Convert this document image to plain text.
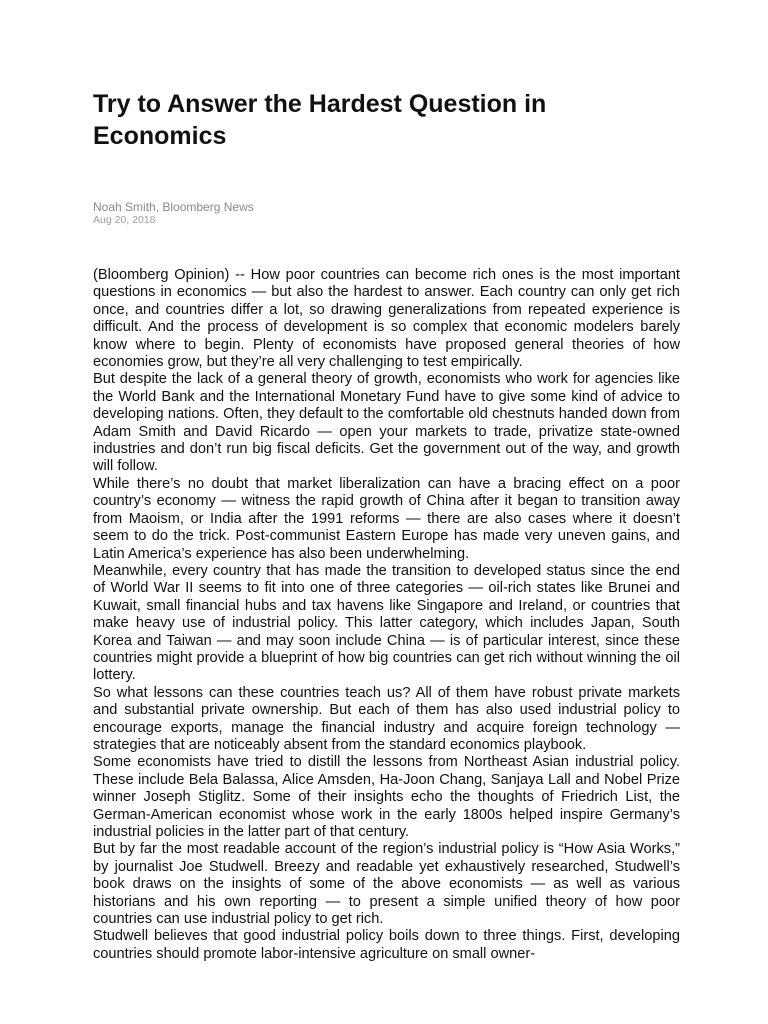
Try to Answer the Hardest Question in Economics
Noah Smith, Bloomberg News
Aug 20, 2018

(Bloomberg Opinion) -- How poor countries can become rich ones is the most important questions in economics — but also the hardest to answer. Each country can only get rich once, and countries differ a lot, so drawing generalizations from repeated experience is difficult. And the process of development is so complex that economic modelers barely know where to begin. Plenty of economists have proposed general theories of how economies grow, but they’re all very challenging to test empirically.

But despite the lack of a general theory of growth, economists who work for agencies like the World Bank and the International Monetary Fund have to give some kind of advice to developing nations. Often, they default to the comfortable old chestnuts handed down from Adam Smith and David Ricardo — open your markets to trade, privatize state-owned industries and don’t run big fiscal deficits. Get the government out of the way, and growth will follow.

While there’s no doubt that market liberalization can have a bracing effect on a poor country’s economy — witness the rapid growth of China after it began to transition away from Maoism, or India after the 1991 reforms — there are also cases where it doesn’t seem to do the trick. Post-communist Eastern Europe has made very uneven gains, and Latin America’s experience has also been underwhelming.

Meanwhile, every country that has made the transition to developed status since the end of World War II seems to fit into one of three categories — oil-rich states like Brunei and Kuwait, small financial hubs and tax havens like Singapore and Ireland, or countries that make heavy use of industrial policy. This latter category, which includes Japan, South Korea and Taiwan — and may soon include China — is of particular interest, since these countries might provide a blueprint of how big countries can get rich without winning the oil lottery.

So what lessons can these countries teach us? All of them have robust private markets and substantial private ownership. But each of them has also used industrial policy to encourage exports, manage the financial industry and acquire foreign technology — strategies that are noticeably absent from the standard economics playbook.

Some economists have tried to distill the lessons from Northeast Asian industrial policy. These include Bela Balassa, Alice Amsden, Ha-Joon Chang, Sanjaya Lall and Nobel Prize winner Joseph Stiglitz. Some of their insights echo the thoughts of Friedrich List, the German-American economist whose work in the early 1800s helped inspire Germany’s industrial policies in the latter part of that century.

But by far the most readable account of the region’s industrial policy is “How Asia Works,” by journalist Joe Studwell. Breezy and readable yet exhaustively researched, Studwell’s book draws on the insights of some of the above economists — as well as various historians and his own reporting — to present a simple unified theory of how poor countries can use industrial policy to get rich.

Studwell believes that good industrial policy boils down to three things. First, developing countries should promote labor-intensive agriculture on small owner-
